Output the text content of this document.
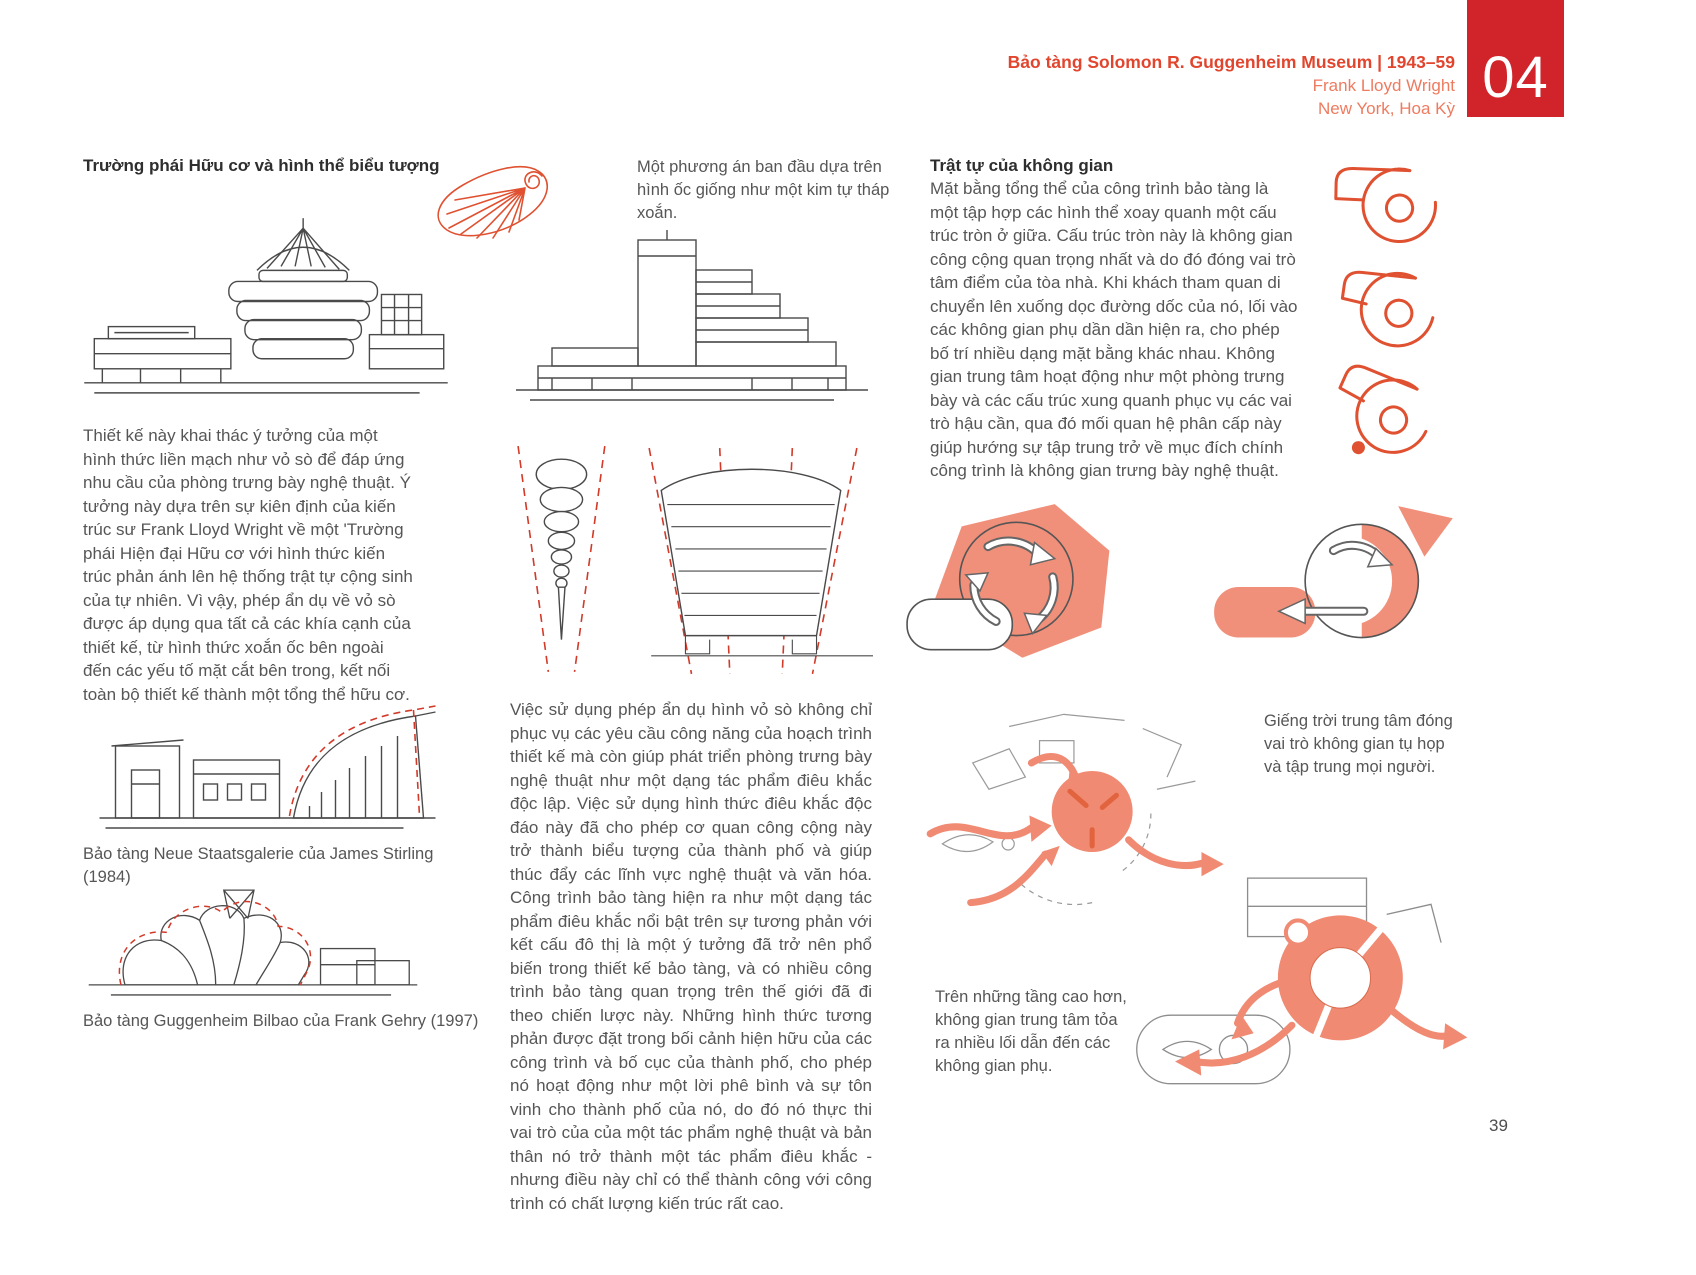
Bảo tàng Solomon R. Guggenheim Museum | 1943–59
Frank Lloyd Wright
New York, Hoa Kỳ 04
Trường phái Hữu cơ và hình thể biểu tượng
Thiết kế này khai thác ý tưởng của một hình thức liền mạch như vỏ sò để đáp ứng nhu cầu của phòng trưng bày nghệ thuật. Ý tưởng này dựa trên sự kiên định của kiến trúc sư Frank Lloyd Wright về một 'Trường phái Hiện đại Hữu cơ với hình thức kiến trúc phản ánh lên hệ thống trật tự cộng sinh của tự nhiên. Vì vậy, phép ẩn dụ về vỏ sò được áp dụng qua tất cả các khía cạnh của thiết kế, từ hình thức xoắn ốc bên ngoài đến các yếu tố mặt cắt bên trong, kết nối toàn bộ thiết kế thành một tổng thể hữu cơ.
Bảo tàng Neue Staatsgalerie của James Stirling (1984)
Bảo tàng Guggenheim Bilbao của Frank Gehry (1997)
Một phương án ban đầu dựa trên hình ốc giống như một kim tự tháp xoắn.
Việc sử dụng phép ẩn dụ hình vỏ sò không chỉ phục vụ các yêu cầu công năng của hoạch trình thiết kế mà còn giúp phát triển phòng trưng bày nghệ thuật như một dạng tác phẩm điêu khắc độc lập. Việc sử dụng hình thức điêu khắc độc đáo này đã cho phép cơ quan công cộng này trở thành biểu tượng của thành phố và giúp thúc đẩy các lĩnh vực nghệ thuật và văn hóa. Công trình bảo tàng hiện ra như một dạng tác phẩm điêu khắc nổi bật trên sự tương phản với kết cấu đô thị là một ý tưởng đã trở nên phổ biến trong thiết kế bảo tàng, và có nhiều công trình bảo tàng quan trọng trên thế giới đã đi theo chiến lược này. Những hình thức tương phản được đặt trong bối cảnh hiện hữu của các công trình và bố cục của thành phố, cho phép nó hoạt động như một lời phê bình và sự tôn vinh cho thành phố của nó, do đó nó thực thi vai trò của của một tác phẩm nghệ thuật và bản thân nó trở thành một tác phẩm điêu khắc - nhưng điều này chỉ có thể thành công với công trình có chất lượng kiến trúc rất cao.
Trật tự của không gian
Mặt bằng tổng thể của công trình bảo tàng là một tập hợp các hình thể xoay quanh một cấu trúc tròn ở giữa. Cấu trúc tròn này là không gian công cộng quan trọng nhất và do đó đóng vai trò tâm điểm của tòa nhà. Khi khách tham quan di chuyển lên xuống dọc đường dốc của nó, lối vào các không gian phụ dần dần hiện ra, cho phép bố trí nhiều dạng mặt bằng khác nhau. Không gian trung tâm hoạt động như một phòng trưng bày và các cấu trúc xung quanh phục vụ các vai trò hậu cần, qua đó mối quan hệ phân cấp này giúp hướng sự tập trung trở về mục đích chính công trình là không gian trưng bày nghệ thuật.
Giếng trời trung tâm đóng vai trò không gian tụ họp và tập trung mọi người.
Trên những tầng cao hơn, không gian trung tâm tỏa ra nhiều lối dẫn đến các không gian phụ.
39
